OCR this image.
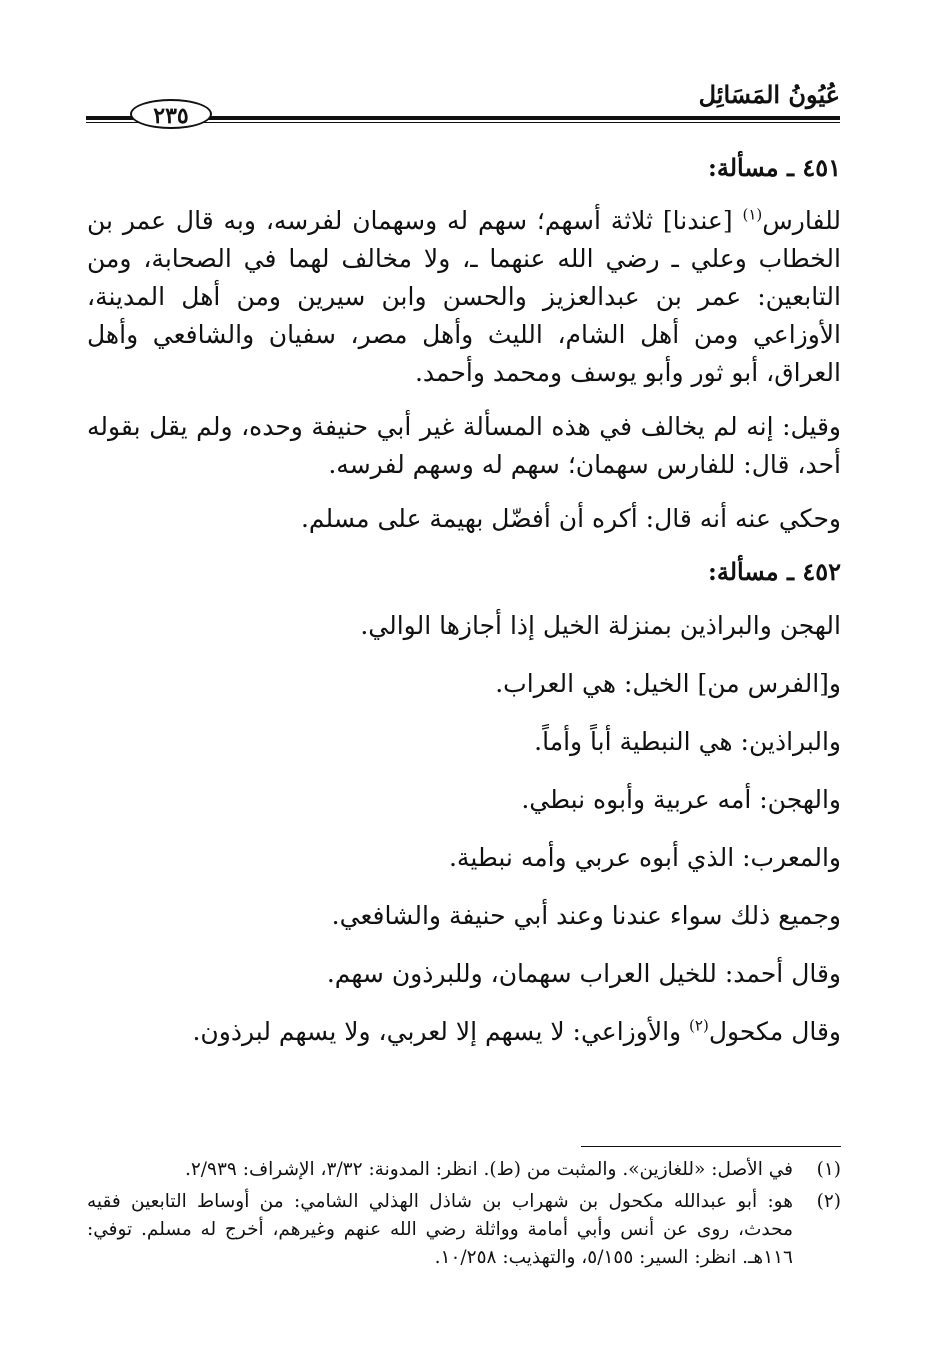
عُيُونُ المَسَائِل
٢٣٥
٤٥١ ـ مسألة:

للفارس$^{(١)}$ [عندنا] ثلاثة أسهم؛ سهم له وسهمان لفرسه، وبه قال عمر بن الخطاب وعلي ـ رضي الله عنهما ـ، ولا مخالف لهما في الصحابة، ومن التابعين: عمر بن عبدالعزيز والحسن وابن سيرين ومن أهل المدينة، الأوزاعي ومن أهل الشام، الليث وأهل مصر، سفيان والشافعي وأهل العراق، أبو ثور وأبو يوسف ومحمد وأحمد.

وقيل: إنه لم يخالف في هذه المسألة غير أبي حنيفة وحده، ولم يقل بقوله أحد، قال: للفارس سهمان؛ سهم له وسهم لفرسه.

وحكي عنه أنه قال: أكره أن أفضّل بهيمة على مسلم.

٤٥٢ ـ مسألة:

الهجن والبراذين بمنزلة الخيل إذا أجازها الوالي.

و[الفرس من] الخيل: هي العراب.

والبراذين: هي النبطية أباً وأماً.

والهجن: أمه عربية وأبوه نبطي.

والمعرب: الذي أبوه عربي وأمه نبطية.

وجميع ذلك سواء عندنا وعند أبي حنيفة والشافعي.

وقال أحمد: للخيل العراب سهمان، وللبرذون سهم.

وقال مكحول$^{(٢)}$ والأوزاعي: لا يسهم إلا لعربي، ولا يسهم لبرذون.

(١)
في الأصل: «للغازين». والمثبت من (ط). انظر: المدونة: ٣/٣٢، الإشراف: ٢/٩٣٩.
(٢)
هو: أبو عبدالله مكحول بن شهراب بن شاذل الهذلي الشامي: من أوساط التابعين فقيه محدث، روى عن أنس وأبي أمامة وواثلة رضي الله عنهم وغيرهم، أخرج له مسلم. توفي: ١١٦هـ. انظر: السير: ٥/١٥٥، والتهذيب: ١٠/٢٥٨.
